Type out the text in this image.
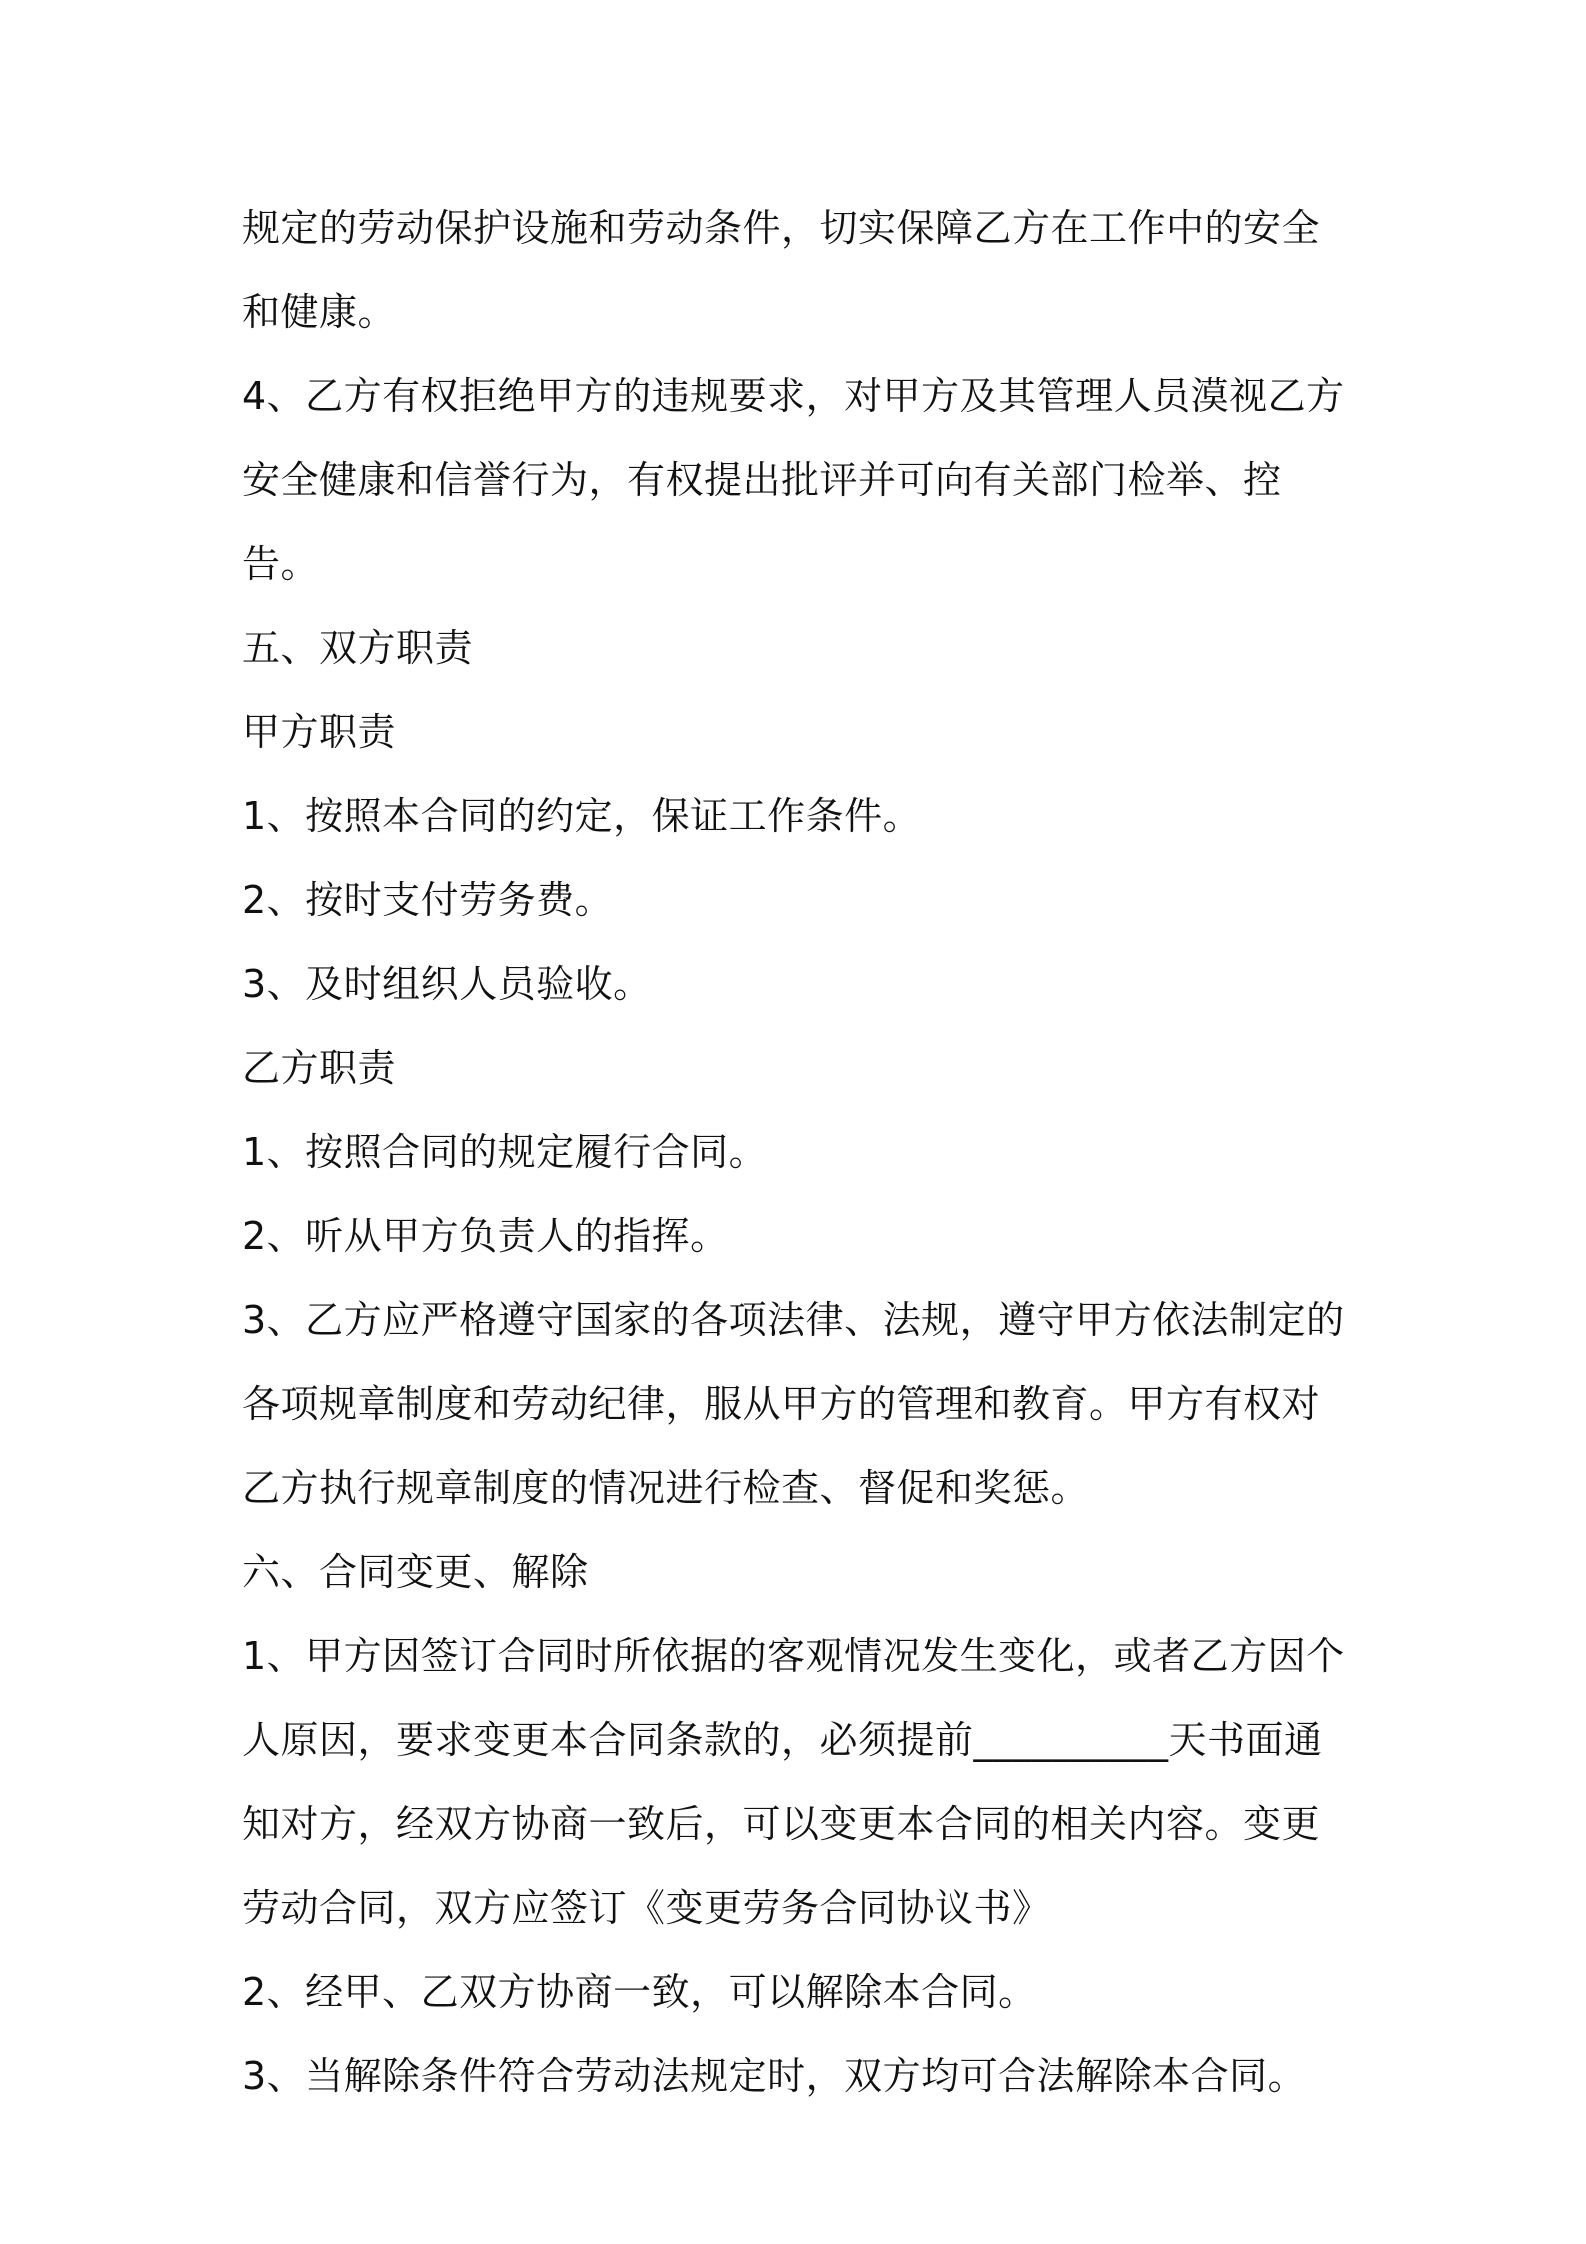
规定的劳动保护设施和劳动条件，切实保障乙方在工作中的安全和健康。

4、乙方有权拒绝甲方的违规要求，对甲方及其管理人员漠视乙方安全健康和信誉行为，有权提出批评并可向有关部门检举、控告。

五、双方职责

甲方职责

1、按照本合同的约定，保证工作条件。

2、按时支付劳务费。

3、及时组织人员验收。

乙方职责

1、按照合同的规定履行合同。

2、听从甲方负责人的指挥。

3、乙方应严格遵守国家的各项法律、法规，遵守甲方依法制定的各项规章制度和劳动纪律，服从甲方的管理和教育。甲方有权对乙方执行规章制度的情况进行检查、督促和奖惩。

六、合同变更、解除

1、甲方因签订合同时所依据的客观情况发生变化，或者乙方因个人原因，要求变更本合同条款的，必须提前__________天书面通知对方，经双方协商一致后，可以变更本合同的相关内容。变更劳动合同，双方应签订《变更劳务合同协议书》

2、经甲、乙双方协商一致，可以解除本合同。

3、当解除条件符合劳动法规定时，双方均可合法解除本合同。
